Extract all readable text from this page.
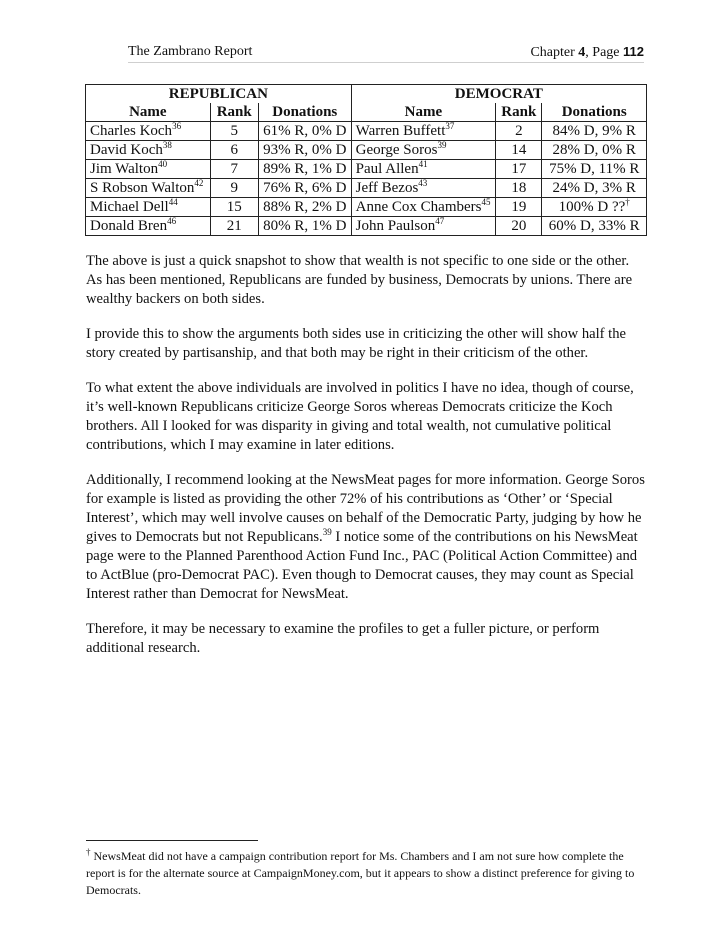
The Zambrano Report	Chapter 4, Page 112
REPUBLICAN			DEMOCRAT		
Name	Rank	Donations	Name	Rank	Donations
Charles Koch$^{36}$	5	61% R, 0% D	Warren Buffett$^{37}$	2	84% D, 9% R
David Koch$^{38}$	6	93% R, 0% D	George Soros$^{39}$	14	28% D, 0% R
Jim Walton$^{40}$	7	89% R, 1% D	Paul Allen$^{41}$	17	75% D, 11% R
S Robson Walton$^{42}$	9	76% R, 6% D	Jeff Bezos$^{43}$	18	24% D, 3% R
Michael Dell$^{44}$	15	88% R, 2% D	Anne Cox Chambers$^{45}$	19	100% D ??†
Donald Bren$^{46}$	21	80% R, 1% D	John Paulson$^{47}$	20	60% D, 33% R

The above is just a quick snapshot to show that wealth is not specific to one side or the other. As has been mentioned, Republicans are funded by business, Democrats by unions. There are wealthy backers on both sides.

I provide this to show the arguments both sides use in criticizing the other will show half the story created by partisanship, and that both may be right in their criticism of the other.

To what extent the above individuals are involved in politics I have no idea, though of course, it’s well-known Republicans criticize George Soros whereas Democrats criticize the Koch brothers. All I looked for was disparity in giving and total wealth, not cumulative political contributions, which I may examine in later editions.

Additionally, I recommend looking at the NewsMeat pages for more information. George Soros for example is listed as providing the other 72% of his contributions as ‘Other’ or ‘Special Interest’, which may well involve causes on behalf of the Democratic Party, judging by how he gives to Democrats but not Republicans.$^{39}$ I notice some of the contributions on his NewsMeat page were to the Planned Parenthood Action Fund Inc., PAC (Political Action Committee) and to ActBlue (pro-Democrat PAC). Even though to Democrat causes, they may count as Special Interest rather than Democrat for NewsMeat.

Therefore, it may be necessary to examine the profiles to get a fuller picture, or perform additional research.

† NewsMeat did not have a campaign contribution report for Ms. Chambers and I am not sure how complete the report is for the alternate source at CampaignMoney.com, but it appears to show a distinct preference for giving to Democrats.
